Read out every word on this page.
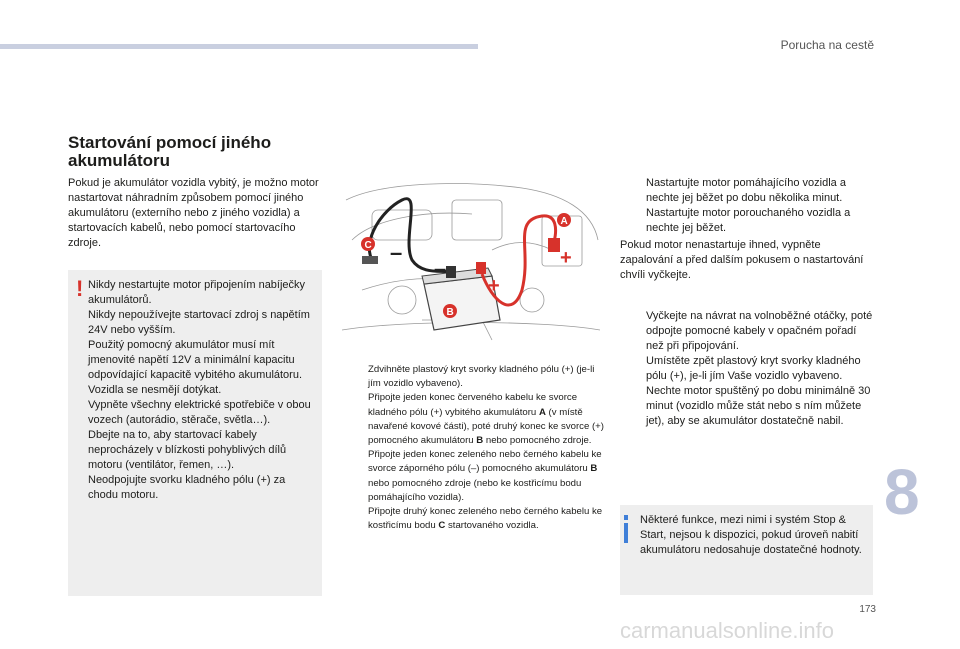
Porucha na cestě
Startování pomocí jiného akumulátoru
Pokud je akumulátor vozidla vybitý, je možno motor nastartovat náhradním způsobem pomocí jiného akumulátoru (externího nebo z jiného vozidla) a startovacích kabelů, nebo pomocí startovacího zdroje.
! Nikdy nestartujte motor připojením nabíječky akumulátorů.

Nikdy nepoužívejte startovací zdroj s napětím 24V nebo vyšším.

Použitý pomocný akumulátor musí mít jmenovité napětí 12V a minimální kapacitu odpovídající kapacitě vybitého akumulátoru.

Vozidla se nesmějí dotýkat.

Vypněte všechny elektrické spotřebiče v obou vozech (autorádio, stěrače, světla…).

Dbejte na to, aby startovací kabely neprocházely v blízkosti pohyblivých dílů motoru (ventilátor, řemen, …).

Neodpojujte svorku kladného pólu (+) za chodu motoru.

–
–
+
+
A
B
C
Zdvihněte plastový kryt svorky kladného pólu (+) (je-li jím vozidlo vybaveno).
Připojte jeden konec červeného kabelu ke svorce kladného pólu (+) vybitého akumulátoru A (v místě navařené kovové části), poté druhý konec ke svorce (+) pomocného akumulátoru B nebo pomocného zdroje.
Připojte jeden konec zeleného nebo černého kabelu ke svorce záporného pólu (–) pomocného akumulátoru B nebo pomocného zdroje (nebo ke kostřicímu bodu pomáhajícího vozidla).
Připojte druhý konec zeleného nebo černého kabelu ke kostřicímu bodu C startovaného vozidla.
Nastartujte motor pomáhajícího vozidla a nechte jej běžet po dobu několika minut.
Nastartujte motor porouchaného vozidla a nechte jej běžet.
Pokud motor nenastartuje ihned, vypněte zapalování a před dalším pokusem o nastartování chvíli vyčkejte.
Vyčkejte na návrat na volnoběžné otáčky, poté odpojte pomocné kabely v opačném pořadí než při připojování.
Umístěte zpět plastový kryt svorky kladného pólu (+), je-li jím Vaše vozidlo vybaveno.
Nechte motor spuštěný po dobu minimálně 30 minut (vozidlo může stát nebo s ním můžete jet), aby se akumulátor dostatečně nabil.
Některé funkce, mezi nimi i systém Stop & Start, nejsou k dispozici, pokud úroveň nabití akumulátoru nedosahuje dostatečné hodnoty.
8
173
carmanualsonline.info
